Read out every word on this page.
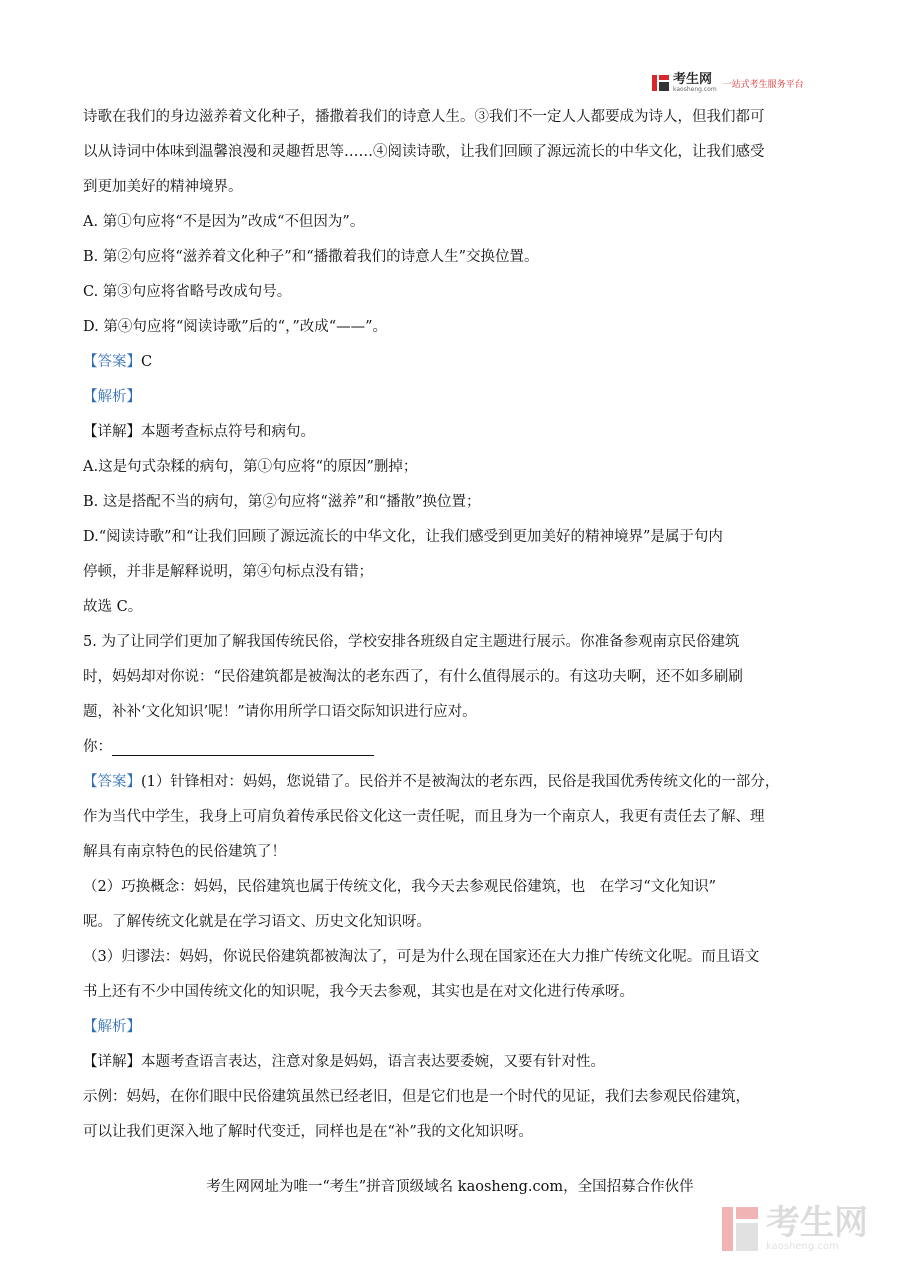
考生网
kaosheng.com 一站式考生服务平台

诗歌在我们的身边滋养着文化种子，播撒着我们的诗意人生。③我们不一定人人都要成为诗人，但我们都可

以从诗词中体味到温馨浪漫和灵趣哲思等……④阅读诗歌，让我们回顾了源远流长的中华文化，让我们感受

到更加美好的精神境界。

A. 第①句应将“不是因为”改成“不但因为”。

B. 第②句应将“滋养着文化种子”和“播撒着我们的诗意人生”交换位置。

C. 第③句应将省略号改成句号。

D. 第④句应将“阅读诗歌”后的“，”改成“——”。

【答案】C

【解析】

【详解】本题考查标点符号和病句。

A.这是句式杂糅的病句，第①句应将“的原因”删掉；

B. 这是搭配不当的病句，第②句应将“滋养”和“播散”换位置；

D.“阅读诗歌”和“让我们回顾了源远流长的中华文化，让我们感受到更加美好的精神境界”是属于句内

停顿，并非是解释说明，第④句标点没有错；

故选 C。

5. 为了让同学们更加了解我国传统民俗，学校安排各班级自定主题进行展示。你准备参观南京民俗建筑

时，妈妈却对你说：“民俗建筑都是被淘汰的老东西了，有什么值得展示的。有这功夫啊，还不如多刷刷

题，补补‘文化知识’呢！”请你用所学口语交际知识进行应对。

你：

【答案】(1）针锋相对：妈妈，您说错了。民俗并不是被淘汰的老东西，民俗是我国优秀传统文化的一部分，

作为当代中学生，我身上可肩负着传承民俗文化这一责任呢，而且身为一个南京人，我更有责任去了解、理

解具有南京特色的民俗建筑了！

（2）巧换概念：妈妈，民俗建筑也属于传统文化，我今天去参观民俗建筑，也　在学习“文化知识”

呢。了解传统文化就是在学习语文、历史文化知识呀。

（3）归谬法：妈妈，你说民俗建筑都被淘汰了，可是为什么现在国家还在大力推广传统文化呢。而且语文

书上还有不少中国传统文化的知识呢，我今天去参观，其实也是在对文化进行传承呀。

【解析】

【详解】本题考查语言表达，注意对象是妈妈，语言表达要委婉，又要有针对性。

示例：妈妈，在你们眼中民俗建筑虽然已经老旧，但是它们也是一个时代的见证，我们去参观民俗建筑，

可以让我们更深入地了解时代变迁，同样也是在“补”我的文化知识呀。

考生网网址为唯一“考生”拼音顶级域名 kaosheng.com，全国招募合作伙伴
考生网
kaosheng.com
